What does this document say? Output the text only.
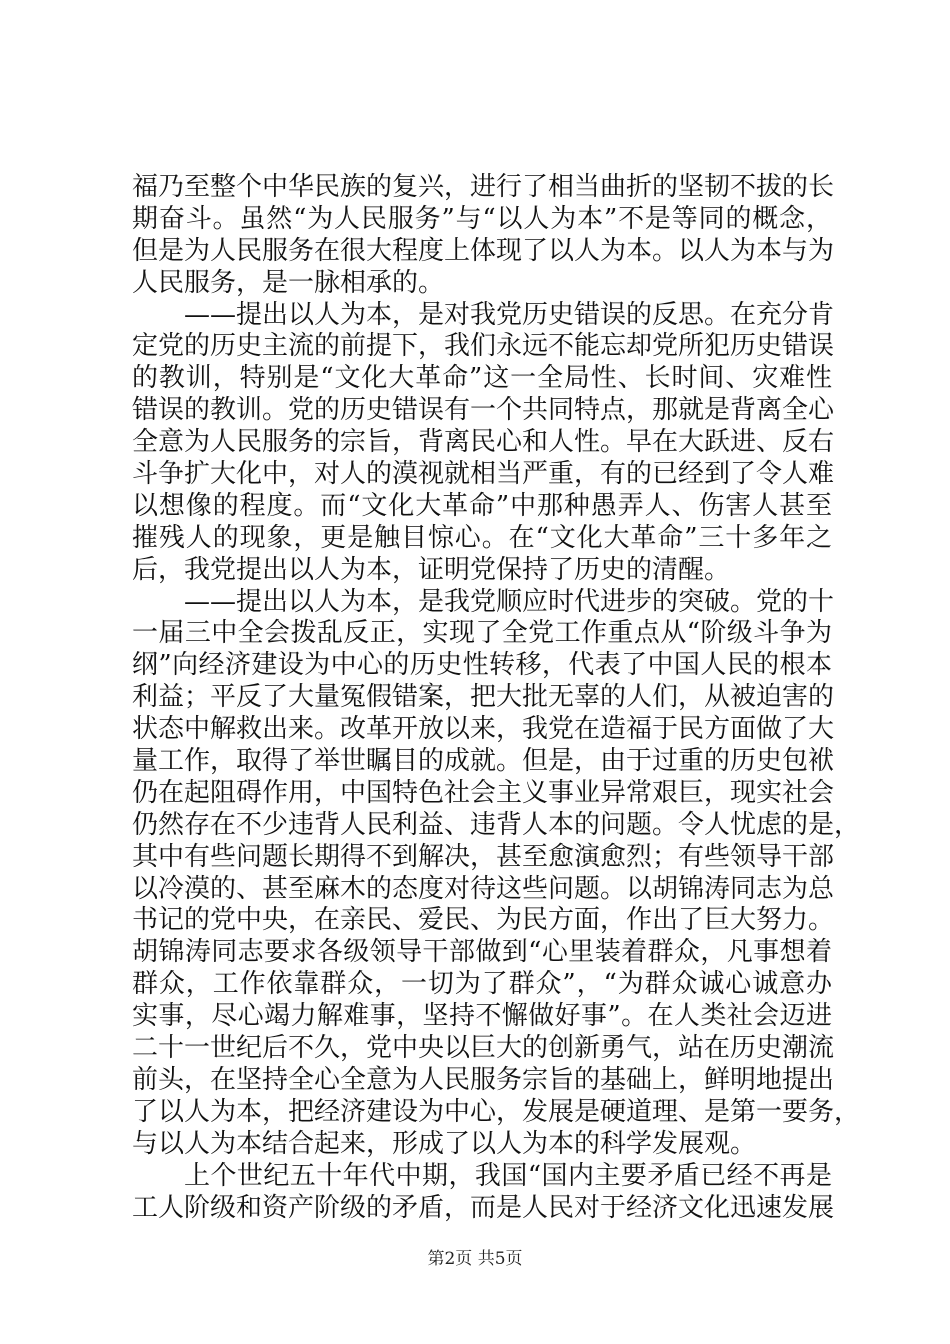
福乃至整个中华民族的复兴，进行了相当曲折的坚韧不拔的长
期奋斗。虽然“为人民服务”与“以人为本”不是等同的概念，
但是为人民服务在很大程度上体现了以人为本。以人为本与为
人民服务，是一脉相承的。
——提出以人为本，是对我党历史错误的反思。在充分肯
定党的历史主流的前提下，我们永远不能忘却党所犯历史错误
的教训，特别是“文化大革命”这一全局性、长时间、灾难性
错误的教训。党的历史错误有一个共同特点，那就是背离全心
全意为人民服务的宗旨，背离民心和人性。早在大跃进、反右
斗争扩大化中，对人的漠视就相当严重，有的已经到了令人难
以想像的程度。而“文化大革命”中那种愚弄人、伤害人甚至
摧残人的现象，更是触目惊心。在“文化大革命”三十多年之
后，我党提出以人为本，证明党保持了历史的清醒。
——提出以人为本，是我党顺应时代进步的突破。党的十
一届三中全会拨乱反正，实现了全党工作重点从“阶级斗争为
纲”向经济建设为中心的历史性转移，代表了中国人民的根本
利益；平反了大量冤假错案，把大批无辜的人们，从被迫害的
状态中解救出来。改革开放以来，我党在造福于民方面做了大
量工作，取得了举世瞩目的成就。但是，由于过重的历史包袱
仍在起阻碍作用，中国特色社会主义事业异常艰巨，现实社会
仍然存在不少违背人民利益、违背人本的问题。令人忧虑的是，
其中有些问题长期得不到解决，甚至愈演愈烈；有些领导干部
以冷漠的、甚至麻木的态度对待这些问题。以胡锦涛同志为总
书记的党中央，在亲民、爱民、为民方面，作出了巨大努力。
胡锦涛同志要求各级领导干部做到“心里装着群众，凡事想着
群众，工作依靠群众，一切为了群众”，“为群众诚心诚意办
实事，尽心竭力解难事，坚持不懈做好事”。在人类社会迈进
二十一世纪后不久，党中央以巨大的创新勇气，站在历史潮流
前头，在坚持全心全意为人民服务宗旨的基础上，鲜明地提出
了以人为本，把经济建设为中心，发展是硬道理、是第一要务，
与以人为本结合起来，形成了以人为本的科学发展观。
上个世纪五十年代中期，我国“国内主要矛盾已经不再是
工人阶级和资产阶级的矛盾，而是人民对于经济文化迅速发展
第2页 共5页
